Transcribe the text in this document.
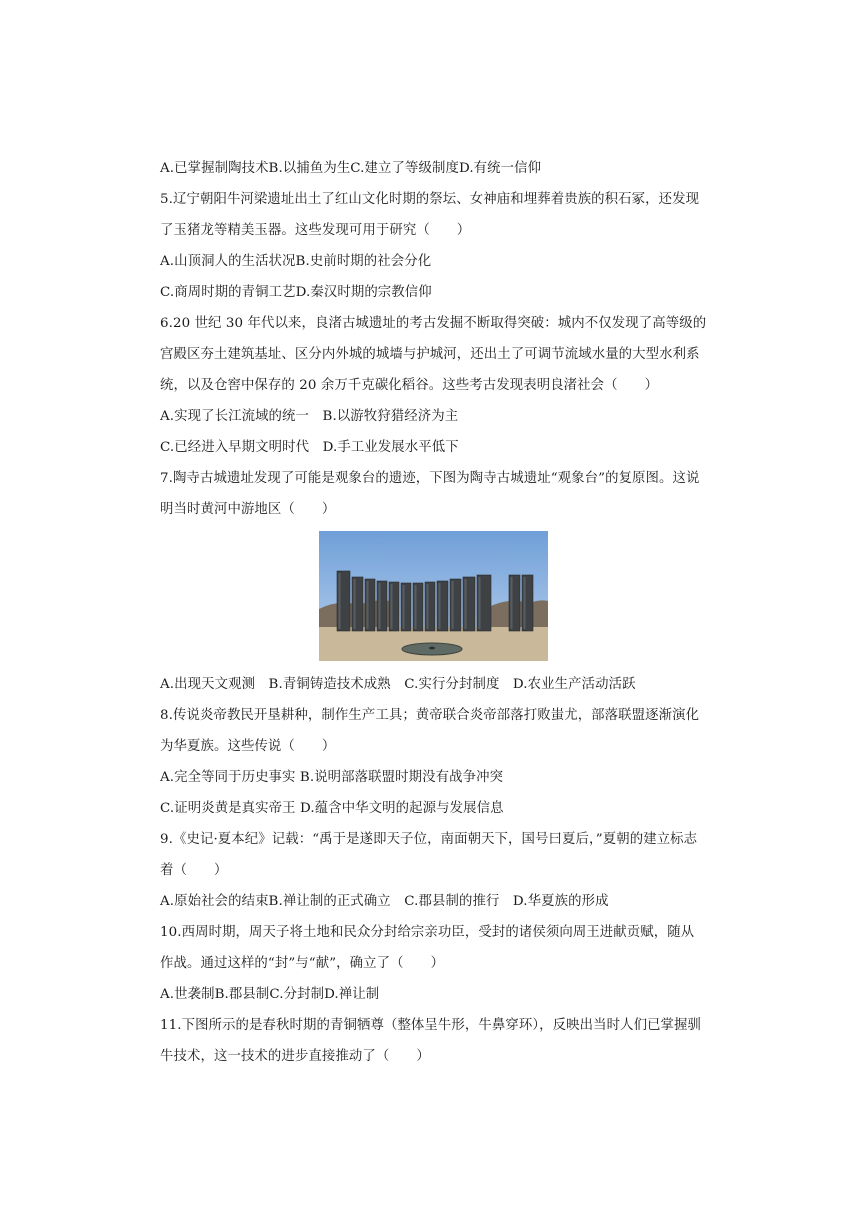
A.已掌握制陶技术B.以捕鱼为生C.建立了等级制度D.有统一信仰
5.辽宁朝阳牛河梁遗址出土了红山文化时期的祭坛、女神庙和埋葬着贵族的积石冢，还发现
了玉猪龙等精美玉器。这些发现可用于研究（　　）
A.山顶洞人的生活状况B.史前时期的社会分化
C.商周时期的青铜工艺D.秦汉时期的宗教信仰
6.20 世纪 30 年代以来，良渚古城遗址的考古发掘不断取得突破：城内不仅发现了高等级的
宫殿区夯土建筑基址、区分内外城的城墙与护城河，还出土了可调节流域水量的大型水利系
统，以及仓窖中保存的 20 余万千克碳化稻谷。这些考古发现表明良渚社会（　　）
A.实现了长江流域的统一　B.以游牧狩猎经济为主
C.已经进入早期文明时代　D.手工业发展水平低下
7.陶寺古城遗址发现了可能是观象台的遗迹，下图为陶寺古城遗址“观象台”的复原图。这说
明当时黄河中游地区（　　）
A.出现天文观测　B.青铜铸造技术成熟　C.实行分封制度　D.农业生产活动活跃
8.传说炎帝教民开垦耕种，制作生产工具；黄帝联合炎帝部落打败蚩尤，部落联盟逐渐演化
为华夏族。这些传说（　　）
A.完全等同于历史事实 B.说明部落联盟时期没有战争冲突
C.证明炎黄是真实帝王 D.蕴含中华文明的起源与发展信息
9.《史记·夏本纪》记载：“禹于是遂即天子位，南面朝天下，国号曰夏后，”夏朝的建立标志
着（　　）
A.原始社会的结束B.禅让制的正式确立　C.郡县制的推行　D.华夏族的形成
10.西周时期，周天子将土地和民众分封给宗亲功臣，受封的诸侯须向周王进献贡赋，随从
作战。通过这样的“封”与“献”，确立了（　　）
A.世袭制B.郡县制C.分封制D.禅让制
11.下图所示的是春秋时期的青铜牺尊（整体呈牛形，牛鼻穿环），反映出当时人们已掌握驯
牛技术，这一技术的进步直接推动了（　　）
